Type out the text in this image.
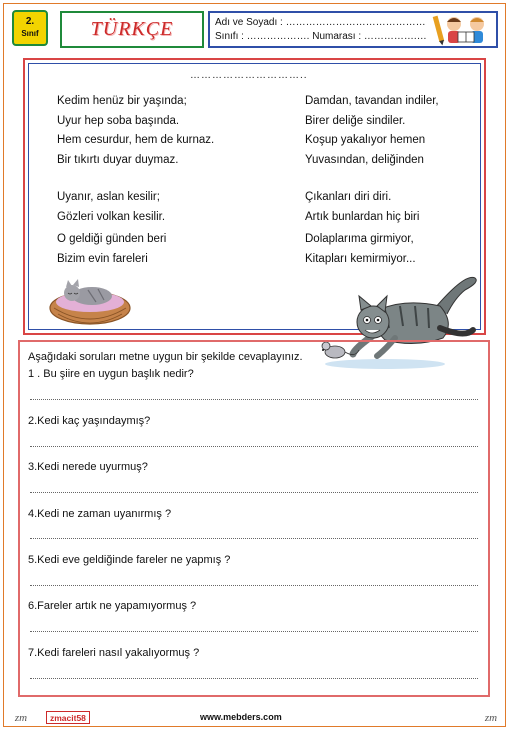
2.
Sınıf	TÜRKÇE	Adı ve Soyadı : ……………………………………
Sınıfı : ………………. Numarası : …………….…
…………………………..
Kedim henüz bir yaşında;
Uyur hep soba başında.
Hem cesurdur, hem de kurnaz.
Bir tıkırtı duyar duymaz.
Uyanır, aslan kesilir;
Gözleri volkan kesilir.
O geldiği günden beri
Bizim evin fareleri
Damdan, tavandan indiler,
Birer deliğe sindiler.
Koşup yakalıyor hemen
Yuvasından, deliğinden
Çıkanları diri diri.
Artık bunlardan hiç biri
Dolaplarıma girmiyor,
Kitapları kemirmiyor...
Aşağıdaki soruları metne uygun bir şekilde cevaplayınız.
1 . Bu şiire en uygun başlık nedir?
2.Kedi kaç yaşındaymış?
3.Kedi nerede uyurmuş?
4.Kedi ne zaman uyanırmış ?
5.Kedi eve geldiğinde fareler ne yapmış ?
6.Fareler artık ne yapamıyormuş ?
7.Kedi fareleri nasıl yakalıyormuş ?
zm	zmacit58	www.mebders.com	zm
